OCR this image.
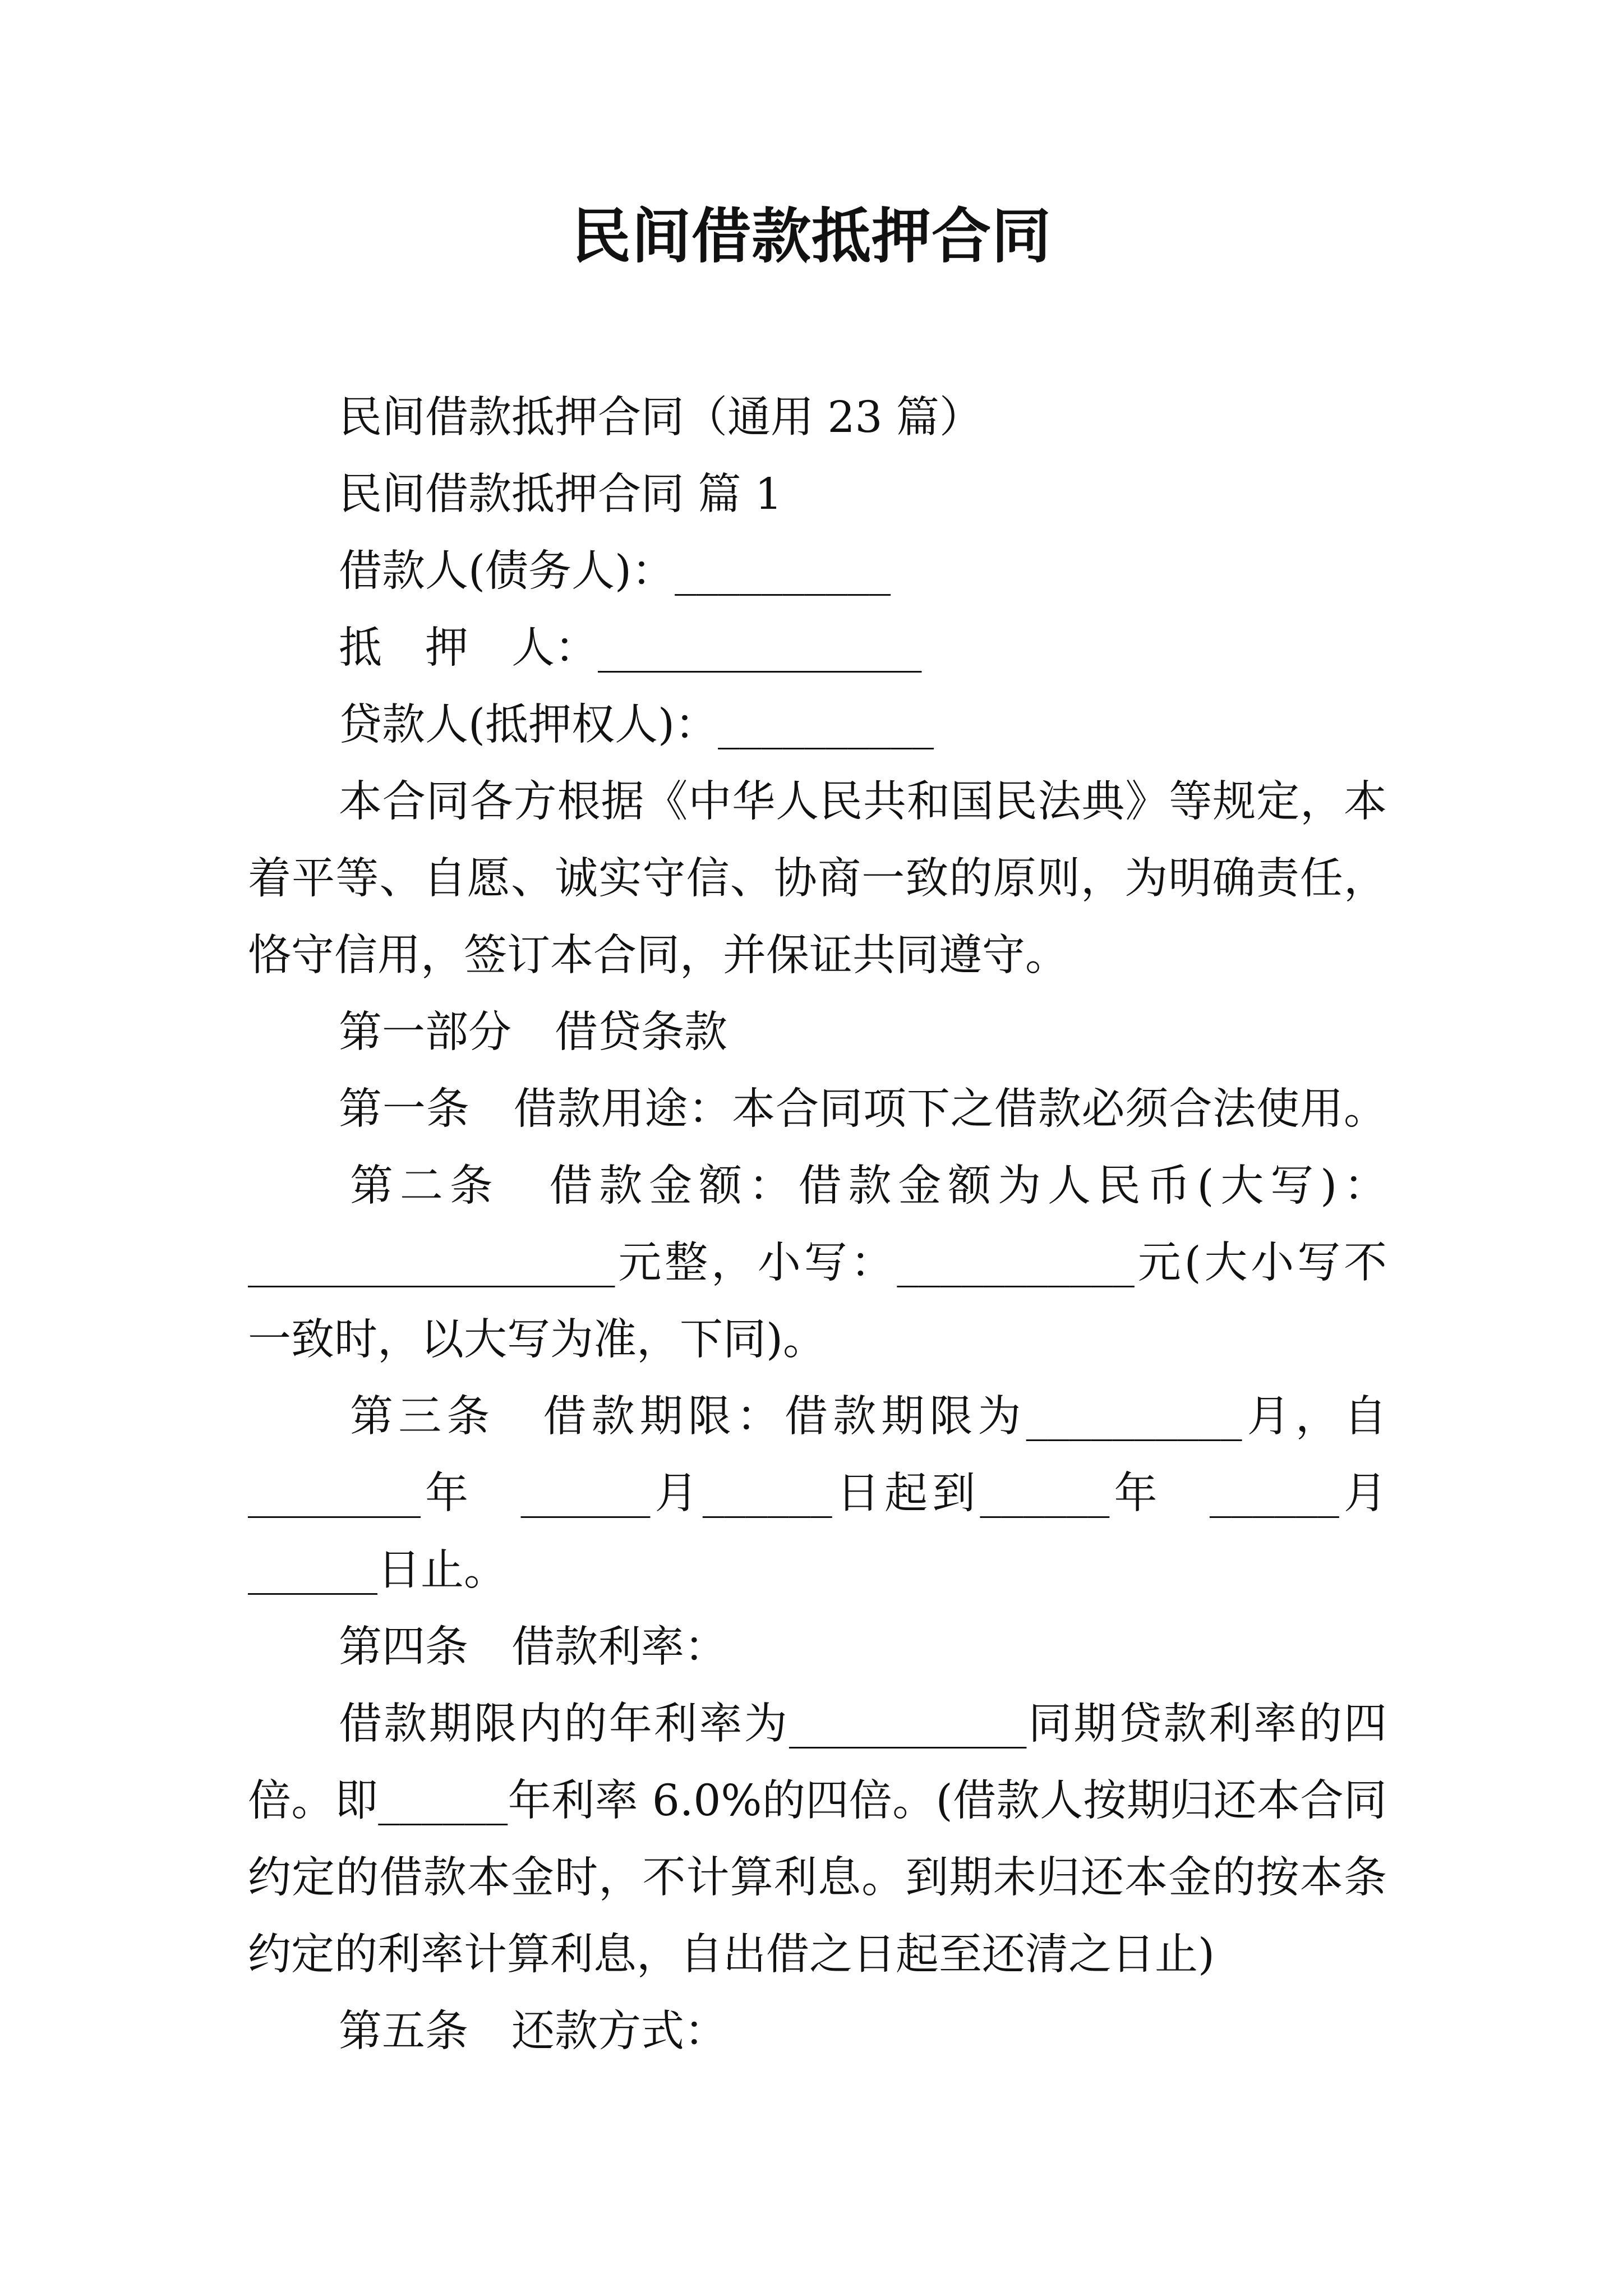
民间借款抵押合同
民间借款抵押合同（通用 23 篇）
民间借款抵押合同 篇 1
借款人(债务人)：__________
抵　押　人：_______________
贷款人(抵押权人)：__________
本合同各方根据《中华人民共和国民法典》等规定，本
着平等、自愿、诚实守信、协商一致的原则，为明确责任，
恪守信用，签订本合同，并保证共同遵守。
第一部分　借贷条款
第一条　借款用途：本合同项下之借款必须合法使用。
第二条　借款金额：借款金额为人民币(大写)：
_________________元整，小写：___________元(大小写不
一致时，以大写为准，下同)。
第三条　借款期限：借款期限为__________月，自
________年　______月______日起到______年　______月
______日止。
第四条　借款利率：
借款期限内的年利率为___________同期贷款利率的四
倍。即______年利率 6.0%的四倍。(借款人按期归还本合同
约定的借款本金时，不计算利息。到期未归还本金的按本条
约定的利率计算利息，自出借之日起至还清之日止)
第五条　还款方式：
